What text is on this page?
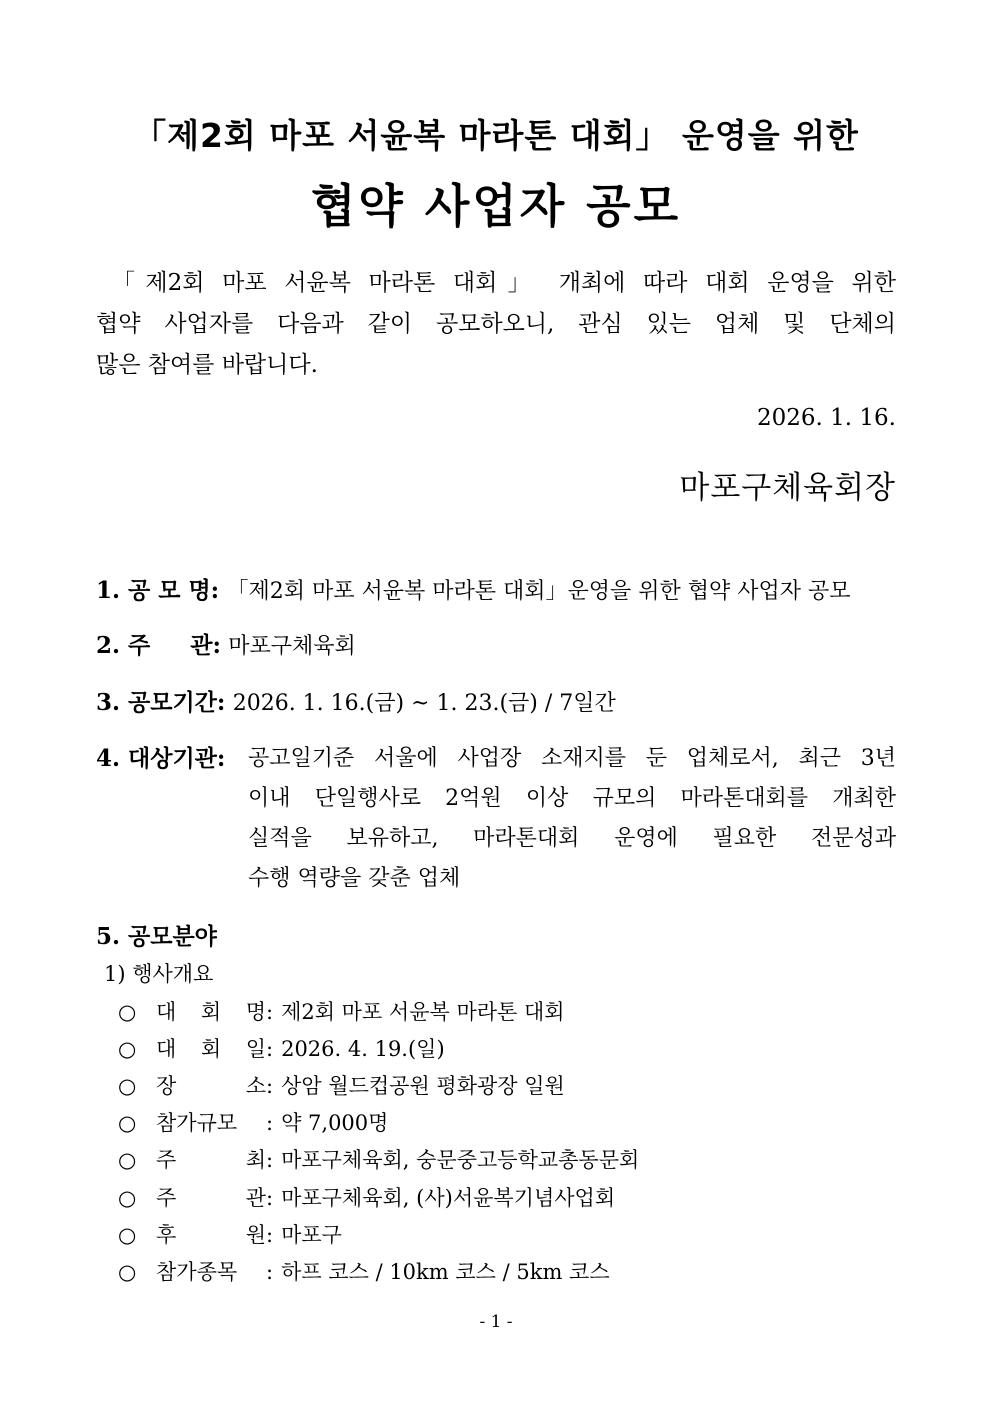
「제2회 마포 서윤복 마라톤 대회」 운영을 위한
협약 사업자 공모
「제2회 마포 서윤복 마라톤 대회」 개최에 따라 대회 운영을 위한
협약 사업자를 다음과 같이 공모하오니, 관심 있는 업체 및 단체의
많은 참여를 바랍니다.
2026. 1. 16.
마포구체육회장
1. 공 모 명: 「제2회 마포 서윤복 마라톤 대회」운영을 위한 협약 사업자 공모
2. 주     관: 마포구체육회
3. 공모기간: 2026. 1. 16.(금) ~ 1. 23.(금) / 7일간
4. 대상기관: 공고일기준 서울에 사업장 소재지를 둔 업체로서, 최근 3년
이내 단일행사로 2억원 이상 규모의 마라톤대회를 개최한
실적을 보유하고, 마라톤대회 운영에 필요한 전문성과
수행 역량을 갖춘 업체
5. 공모분야
1) 행사개요
○ 대 회 명: 제2회 마포 서윤복 마라톤 대회
○ 대 회 일: 2026. 4. 19.(일)
○ 장    소: 상암 월드컵공원 평화광장 일원
○ 참가규모 : 약 7,000명
○ 주    최: 마포구체육회, 숭문중고등학교총동문회
○ 주    관: 마포구체육회, (사)서윤복기념사업회
○ 후    원: 마포구
○ 참가종목 : 하프 코스 / 10km 코스 / 5km 코스
- 1 -
